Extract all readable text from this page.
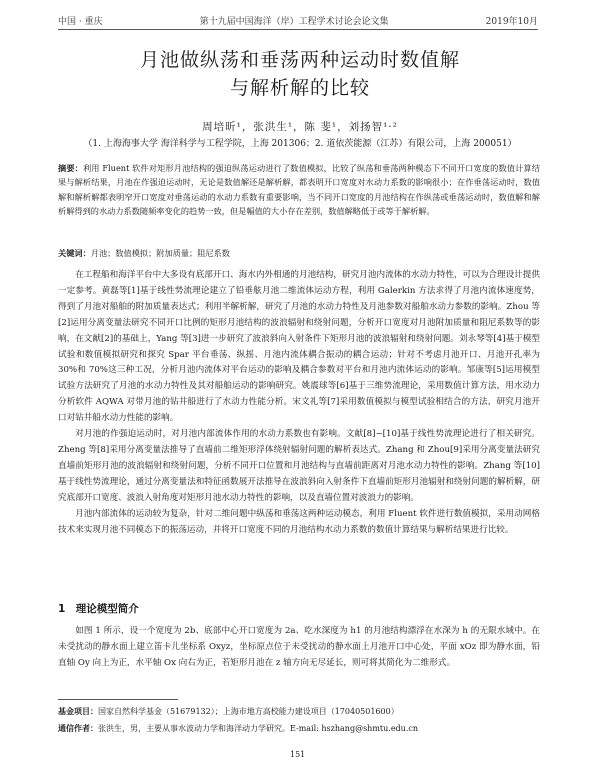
中国 · 重庆	第十九届中国海洋（岸）工程学术讨论会论文集	2019年10月
月池做纵荡和垂荡两种运动时数值解
与解析解的比较
周培昕¹，张洪生¹，陈 斐¹，刘扬智¹·²
（1. 上海海事大学 海洋科学与工程学院，上海 201306；2. 道依茨能源（江苏）有限公司，上海 200051）
摘要：利用 Fluent 软件对矩形月池结构的强迫纵荡运动进行了数值模拟，比较了纵荡和垂荡两种模态下不同开口宽度的数值计算结果与解析结果，月池在作强迫运动时，无论是数值解还是解析解，都表明开口宽度对水动力系数的影响很小；在作垂荡运动时，数值解和解析解都表明窄开口宽度对垂荡运动的水动力系数有重要影响，当不同开口宽度的月池结构在作纵荡或垂荡运动时，数值解和解析解得到的水动力系数随频率变化的趋势一致，但是幅值的大小存在差别，数值解略低于或等于解析解。
关键词：月池；数值模拟；附加质量；阻尼系数

在工程船和海洋平台中大多设有底部开口、海水内外相通的月池结构，研究月池内流体的水动力特性，可以为合理设计提供一定参考。黄磊等[1]基于线性势流理论建立了铅垂舷月池二维流体运动方程，利用 Galerkin 方法求得了月池内流体速度势，得到了月池对船舶的附加质量表达式；利用半解析解，研究了月池的水动力特性及月池参数对船舶水动力参数的影响。Zhou 等[2]运用分离变量法研究不同开口比例的矩形月池结构的波浪辐射和绕射问题，分析开口宽度对月池附加质量和阻尼系数等的影响，在文献[2]的基础上，Yang 等[3]进一步研究了波浪斜向入射条件下矩形月池的波浪辐射和绕射问题。刘永琴等[4]基于模型试验和数值模拟研究和探究 Spar 平台垂荡、纵摇、月池内流体耦合振动的耦合运动；针对不考虑月池开口、月池开孔率为 30%和 70%这三种工况，分析月池内流体对平台运动的影响及耦合参数对平台和月池内流体运动的影响。邹康等[5]运用模型试验方法研究了月池的水动力特性及其对船舶运动的影响研究。姚震球等[6]基于三维势流理论，采用数值计算方法，用水动力分析软件 AQWA 对带月池的钻井船进行了水动力性能分析。宋文礼等[7]采用数值模拟与模型试验相结合的方法，研究月池开口对钻井船水动力性能的影响。

对月池的作强迫运动时，对月池内部流体作用的水动力系数也有影响。文献[8]~[10]基于线性势流理论进行了相关研究。Zheng 等[8]采用分离变量法推导了直墙前二维矩形浮体绕射辐射问题的解析表达式。Zhang 和 Zhou[9]采用分离变量法研究直墙前矩形月池的波浪辐射和绕射问题，分析不同开口位置和月池结构与直墙前距离对月池水动力特性的影响。Zhang 等[10]基于线性势流理论，通过分离变量法和特征函数展开法推导在波浪斜向入射条件下直墙前矩形月池辐射和绕射问题的解析解，研究底部开口宽度、波浪入射角度对矩形月池水动力特性的影响，以及直墙位置对波浪力的影响。

月池内部流体的运动较为复杂，针对二维问题中纵荡和垂荡这两种运动模态，利用 Fluent 软件进行数值模拟，采用动网格技术来实现月池不同模态下的振荡运动，并将开口宽度不同的月池结构水动力系数的数值计算结果与解析结果进行比较。

1　理论模型简介
如图 1 所示，设一个宽度为 2b、底部中心开口宽度为 2a、吃水深度为 h1 的月池结构漂浮在水深为 h 的无限水域中。在未受扰动的静水面上建立笛卡儿坐标系 Oxyz，坐标原点位于未受扰动的静水面上月池开口中心处，平面 xOz 即为静水面，铅直轴 Oy 向上为正，水平轴 Ox 向右为正，若矩形月池在 z 轴方向无尽延长，则可将其简化为二维形式。
基金项目：国家自然科学基金（51679132）；上海市地方高校能力建设项目（17040501600）
通信作者：张洪生，男，主要从事水波动力学和海洋动力学研究。E-mail: hszhang@shmtu.edu.cn
151
